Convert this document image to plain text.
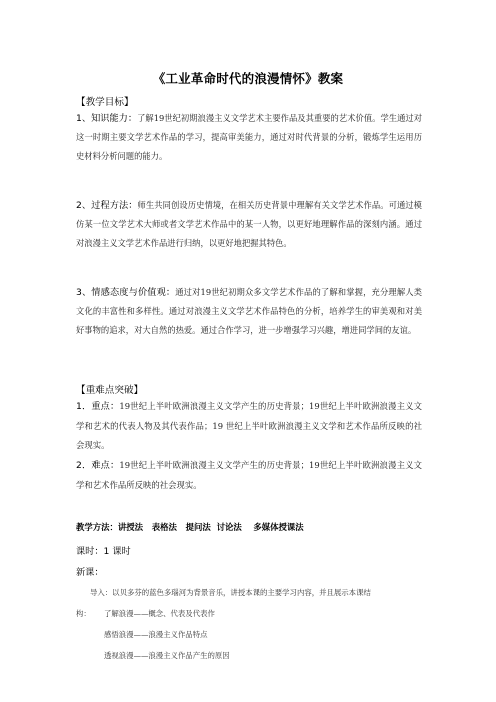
《工业革命时代的浪漫情怀》教案
【教学目标】

1、知识能力：了解19世纪初期浪漫主义文学艺术主要作品及其重要的艺术价值。学生通过对这一时期主要文学艺术作品的学习，提高审美能力，通过对时代背景的分析，锻炼学生运用历史材料分析问题的能力。

2、过程方法：师生共同创设历史情境，在相关历史背景中理解有关文学艺术作品。可通过模仿某一位文学艺术大师或者文学艺术作品中的某一人物，以更好地理解作品的深刻内涵。通过对浪漫主义文学艺术作品进行归纳，以更好地把握其特色。

3、情感态度与价值观：通过对19世纪初期众多文学艺术作品的了解和掌握，充分理解人类文化的丰富性和多样性。通过对浪漫主义文学艺术作品特色的分析，培养学生的审美观和对美好事物的追求，对大自然的热爱。通过合作学习，进一步增强学习兴趣，增进同学间的友谊。

【重难点突破】

1．重点：19世纪上半叶欧洲浪漫主义文学产生的历史背景；19世纪上半叶欧洲浪漫主义文学和艺术的代表人物及其代表作品；19 世纪上半叶欧洲浪漫主义文学和艺术作品所反映的社会现实。

2．难点：19世纪上半叶欧洲浪漫主义文学产生的历史背景；19世纪上半叶欧洲浪漫主义文学和艺术作品所反映的社会现实。

教学方法：讲授法   表格法   提问法  讨论法    多媒体授课法
课时：1 课时
新课：
导入：以贝多芬的蓝色多瑙河为背景音乐，讲授本课的主要学习内容，并且展示本课结
构： 了解浪漫——概念、代表及代表作
感悟浪漫——浪漫主义作品特点
透视浪漫——浪漫主义作品产生的原因
